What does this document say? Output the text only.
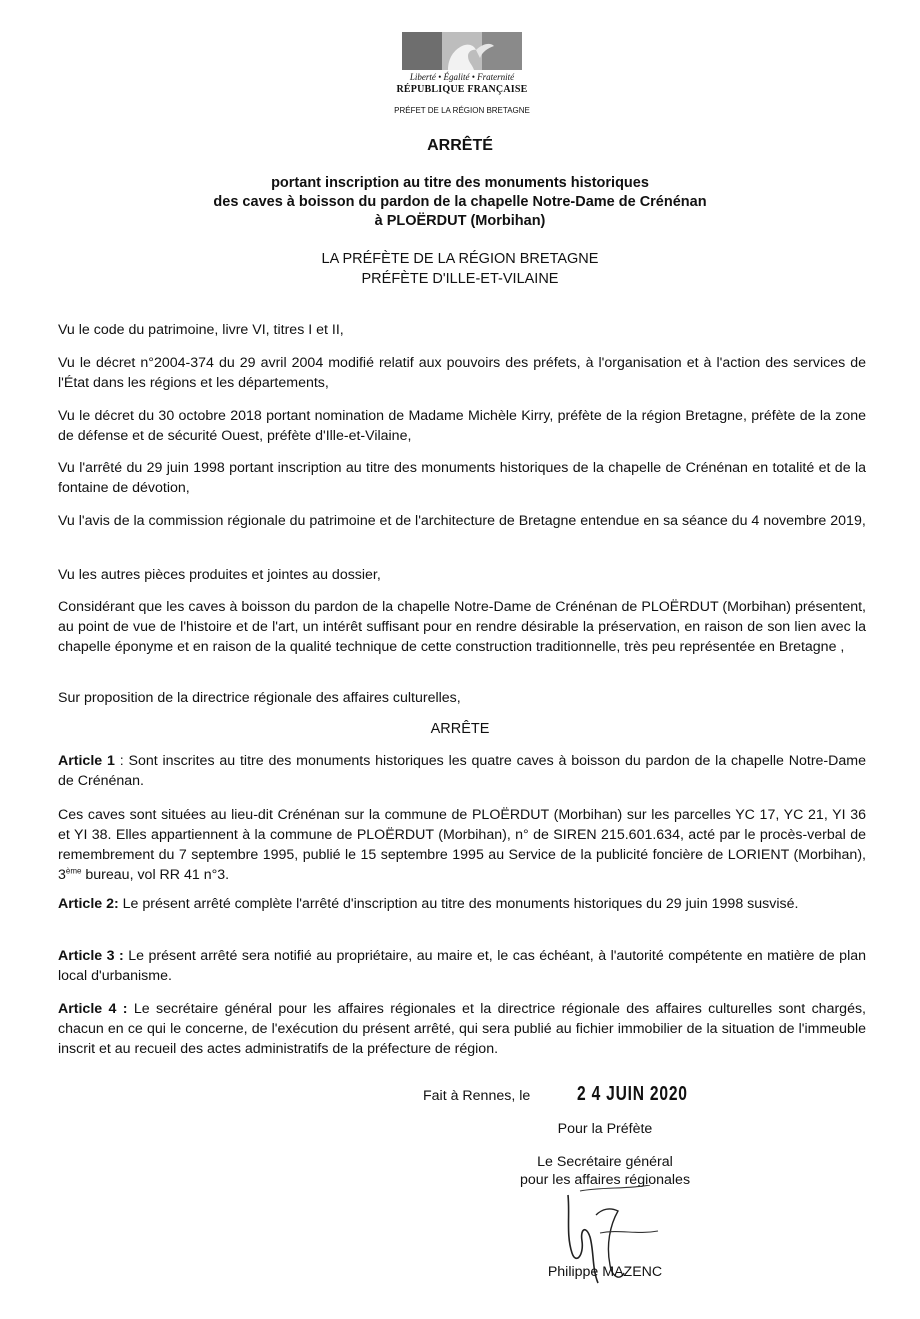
Liberté • Égalité • Fraternité
RÉPUBLIQUE FRANÇAISE
PRÉFET DE LA RÉGION BRETAGNE
ARRÊTÉ
portant inscription au titre des monuments historiques
des caves à boisson du pardon de la chapelle Notre-Dame de Crénénan
à PLOËRDUT (Morbihan)
LA PRÉFÈTE DE LA RÉGION BRETAGNE
PRÉFÈTE D'ILLE-ET-VILAINE

Vu le code du patrimoine, livre VI, titres I et II,

Vu le décret n°2004-374 du 29 avril 2004 modifié relatif aux pouvoirs des préfets, à l'organisation et à l'action des services de l'État dans les régions et les départements,

Vu le décret du 30 octobre 2018 portant nomination de Madame Michèle Kirry, préfète de la région Bretagne, préfète de la zone de défense et de sécurité Ouest, préfète d'Ille-et-Vilaine,

Vu l'arrêté du 29 juin 1998 portant inscription au titre des monuments historiques de la chapelle de Crénénan en totalité et de la fontaine de dévotion,

Vu l'avis de la commission régionale du patrimoine et de l'architecture de Bretagne entendue en sa séance du 4 novembre 2019,

Vu les autres pièces produites et jointes au dossier,

Considérant que les caves à boisson du pardon de la chapelle Notre-Dame de Crénénan de PLOËRDUT (Morbihan) présentent, au point de vue de l'histoire et de l'art, un intérêt suffisant pour en rendre désirable la préservation, en raison de son lien avec la chapelle éponyme et en raison de la qualité technique de cette construction traditionnelle, très peu représentée en Bretagne ,

Sur proposition de la directrice régionale des affaires culturelles,

ARRÊTE

Article 1 : Sont inscrites au titre des monuments historiques les quatre caves à boisson du pardon de la chapelle Notre-Dame de Crénénan.

Ces caves sont situées au lieu-dit Crénénan sur la commune de PLOËRDUT (Morbihan) sur les parcelles YC 17, YC 21, YI 36 et YI 38. Elles appartiennent à la commune de PLOËRDUT (Morbihan), n° de SIREN 215.601.634, acté par le procès-verbal de remembrement du 7 septembre 1995, publié le 15 septembre 1995 au Service de la publicité foncière de LORIENT (Morbihan), 3ème bureau, vol RR 41 n°3.

Article 2: Le présent arrêté complète l'arrêté d'inscription au titre des monuments historiques du 29 juin 1998 susvisé.

Article 3 : Le présent arrêté sera notifié au propriétaire, au maire et, le cas échéant, à l'autorité compétente en matière de plan local d'urbanisme.

Article 4 : Le secrétaire général pour les affaires régionales et la directrice régionale des affaires culturelles sont chargés, chacun en ce qui le concerne, de l'exécution du présent arrêté, qui sera publié au fichier immobilier de la situation de l'immeuble inscrit et au recueil des actes administratifs de la préfecture de région.

Fait à Rennes, le 2 4 JUIN 2020
Pour la Préfète
Le Secrétaire général
pour les affaires régionales
Philippe MAZENC
